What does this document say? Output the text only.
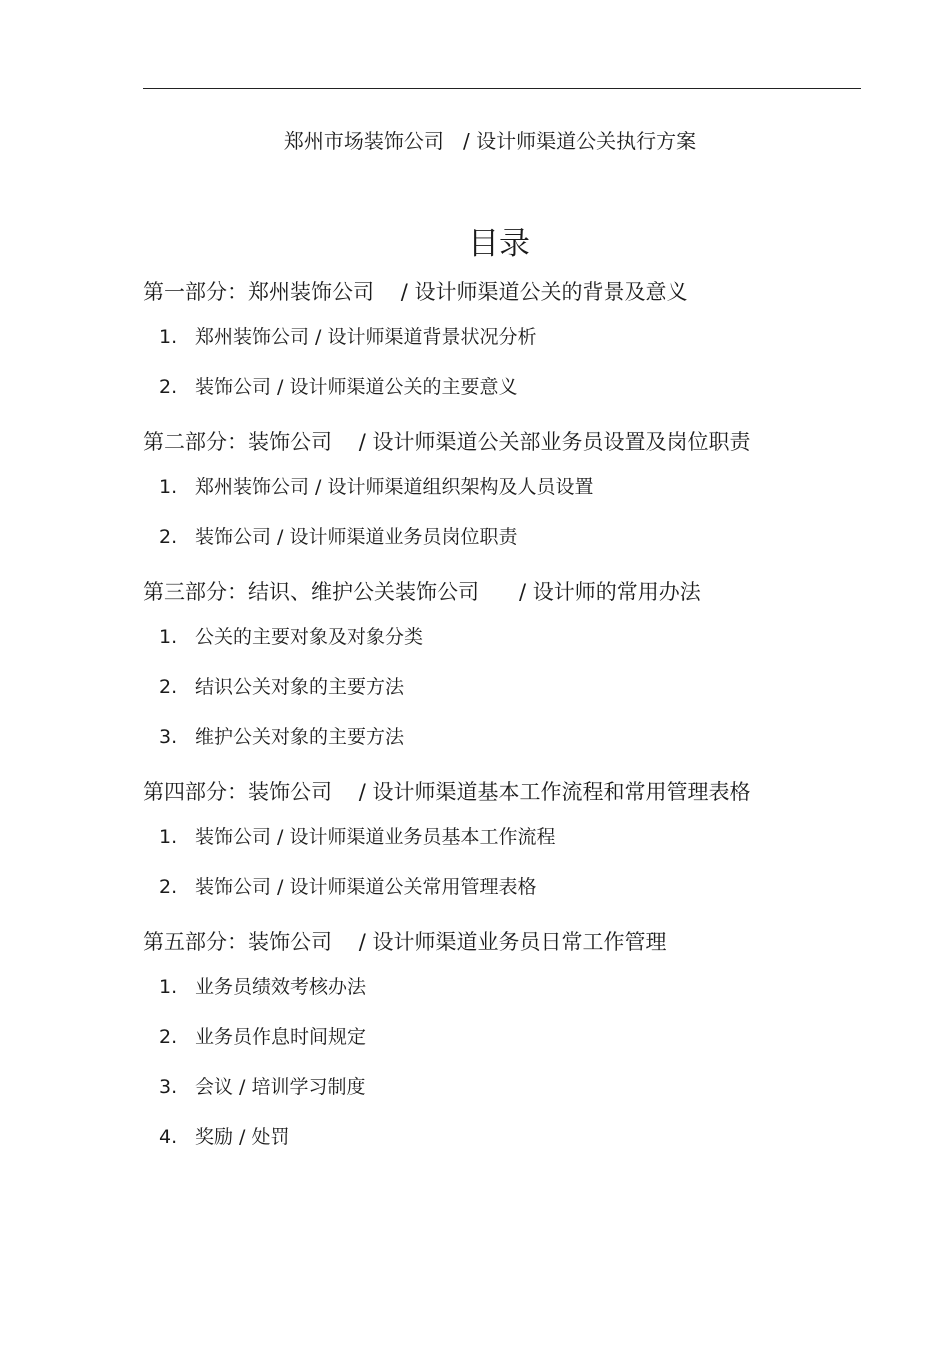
郑州市场装饰公司   / 设计师渠道公关执行方案
目录
第一部分：郑州装饰公司    / 设计师渠道公关的背景及意义
1. 郑州装饰公司 / 设计师渠道背景状况分析
2. 装饰公司 / 设计师渠道公关的主要意义
第二部分：装饰公司    / 设计师渠道公关部业务员设置及岗位职责
1. 郑州装饰公司 / 设计师渠道组织架构及人员设置
2. 装饰公司 / 设计师渠道业务员岗位职责
第三部分：结识、维护公关装饰公司      / 设计师的常用办法
1. 公关的主要对象及对象分类
2. 结识公关对象的主要方法
3. 维护公关对象的主要方法
第四部分：装饰公司    / 设计师渠道基本工作流程和常用管理表格
1. 装饰公司 / 设计师渠道业务员基本工作流程
2. 装饰公司 / 设计师渠道公关常用管理表格
第五部分：装饰公司    / 设计师渠道业务员日常工作管理
1. 业务员绩效考核办法
2. 业务员作息时间规定
3. 会议 / 培训学习制度
4. 奖励 / 处罚
